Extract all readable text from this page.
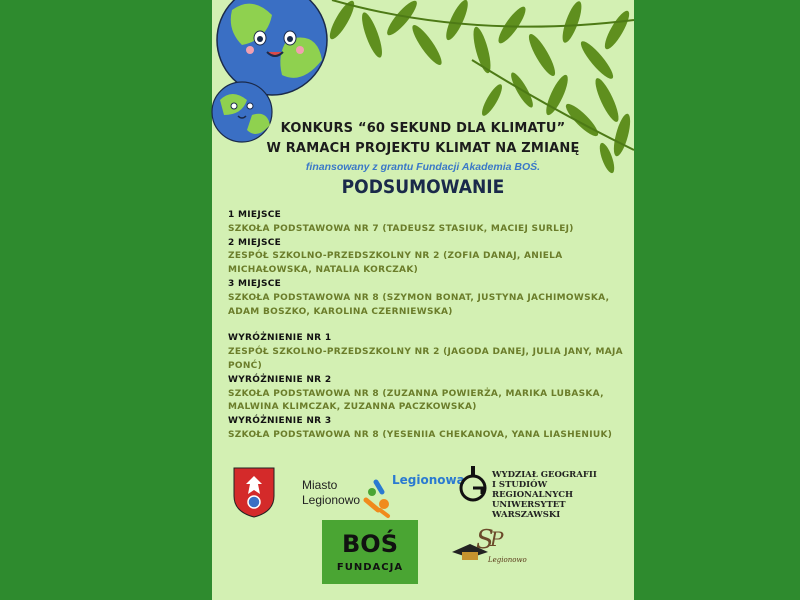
KONKURS “60 SEKUND DLA KLIMATU”
W RAMACH PROJEKTU KLIMAT NA ZMIANĘ
finansowany z grantu Fundacji Akademia BOŚ.
PODSUMOWANIE
1 MIEJSCE
SZKOŁA PODSTAWOWA NR 7 (TADEUSZ STASIUK, MACIEJ SURLEJ)
2 MIEJSCE
ZESPÓŁ SZKOLNO-PRZEDSZKOLNY NR 2 (ZOFIA DANAJ, ANIELA MICHAŁOWSKA, NATALIA KORCZAK)
3 MIEJSCE
SZKOŁA PODSTAWOWA NR 8 (SZYMON BONAT, JUSTYNA JACHIMOWSKA, ADAM BOSZKO, KAROLINA CZERNIEWSKA)
WYRÓŻNIENIE NR 1
ZESPÓŁ SZKOLNO-PRZEDSZKOLNY NR 2 (JAGODA DANEJ, JULIA JANY, MAJA PONĆ)
WYRÓŻNIENIE NR 2
SZKOŁA PODSTAWOWA NR 8 (ZUZANNA POWIERŻA, MARIKA LUBASKA, MALWINA KLIMCZAK, ZUZANNA PACZKOWSKA)
WYRÓŻNIENIE NR 3
SZKOŁA PODSTAWOWA NR 8 (YESENIIA CHEKANOVA, YANA LIASHENIUK)
Miasto
Legionowo
Legionowa	WYDZIAŁ GEOGRAFII
I STUDIÓW REGIONALNYCH
UNIWERSYTET WARSZAWSKI
BOŚ
FUNDACJA
S
P
Legionowo
